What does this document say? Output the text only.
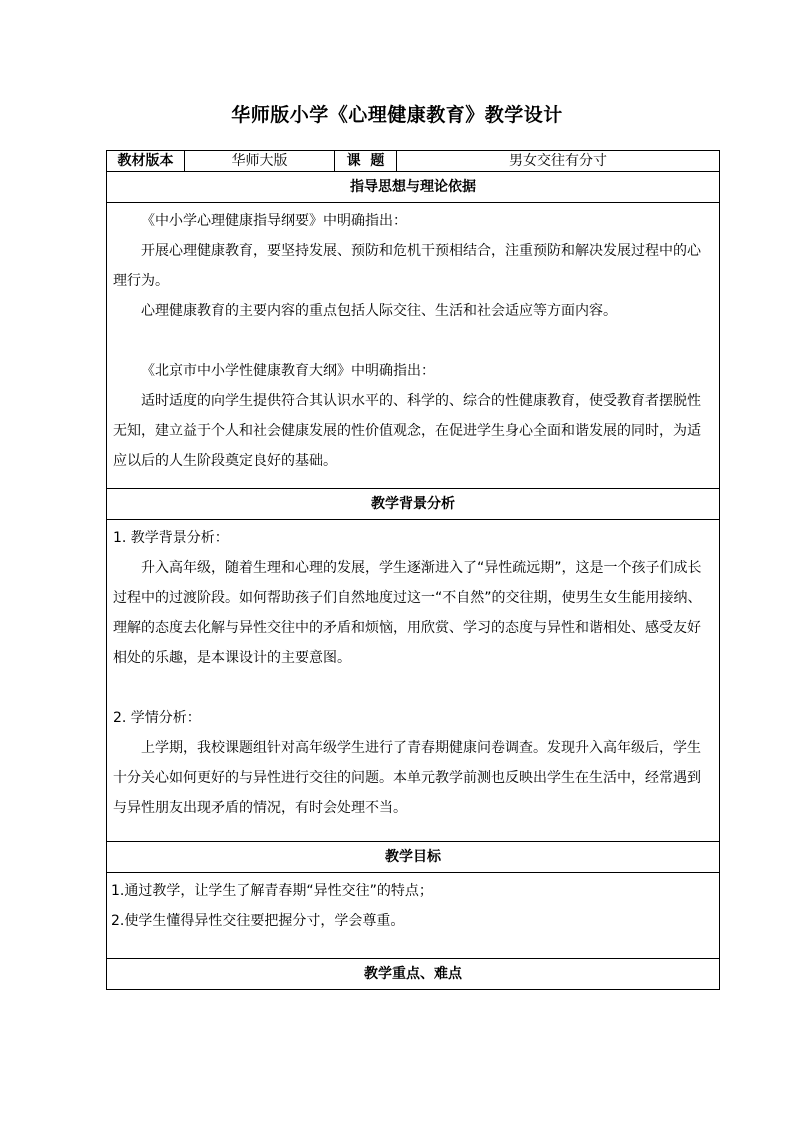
华师版小学《心理健康教育》教学设计
教材版本	华师大版	课  题	男女交往有分寸
指导思想与理论依据

《中小学心理健康指导纲要》中明确指出：

开展心理健康教育，要坚持发展、预防和危机干预相结合，注重预防和解决发展过程中的心理行为。

心理健康教育的主要内容的重点包括人际交往、生活和社会适应等方面内容。

《北京市中小学性健康教育大纲》中明确指出：

适时适度的向学生提供符合其认识水平的、科学的、综合的性健康教育，使受教育者摆脱性无知，建立益于个人和社会健康发展的性价值观念，在促进学生身心全面和谐发展的同时，为适应以后的人生阶段奠定良好的基础。

教学背景分析

1. 教学背景分析：

升入高年级，随着生理和心理的发展，学生逐渐进入了“异性疏远期”，这是一个孩子们成长过程中的过渡阶段。如何帮助孩子们自然地度过这一“不自然”的交往期，使男生女生能用接纳、理解的态度去化解与异性交往中的矛盾和烦恼，用欣赏、学习的态度与异性和谐相处、感受友好相处的乐趣，是本课设计的主要意图。

2. 学情分析：

上学期，我校课题组针对高年级学生进行了青春期健康问卷调查。发现升入高年级后，学生十分关心如何更好的与异性进行交往的问题。本单元教学前测也反映出学生在生活中，经常遇到与异性朋友出现矛盾的情况，有时会处理不当。

教学目标

1.通过教学，让学生了解青春期“异性交往”的特点；

2.使学生懂得异性交往要把握分寸，学会尊重。

教学重点、难点
